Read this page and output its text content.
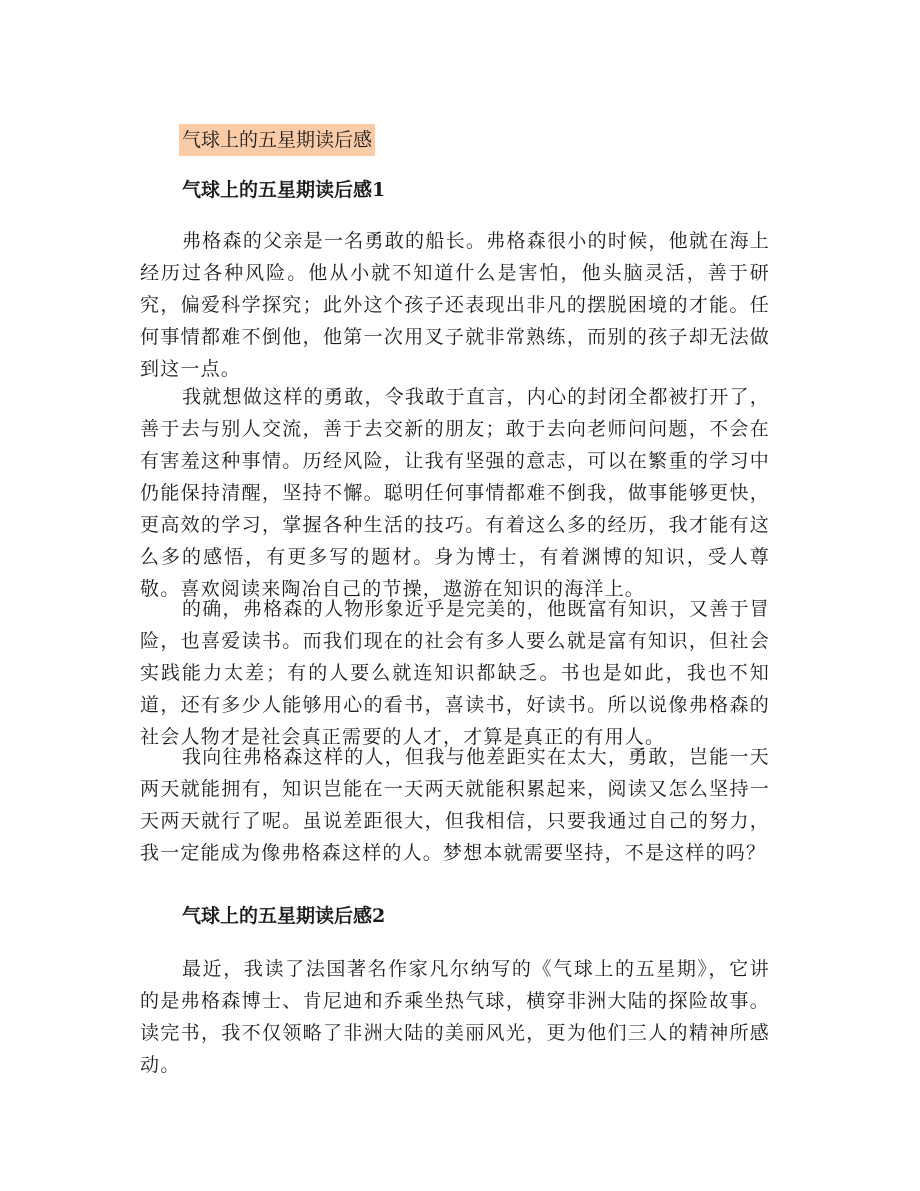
气球上的五星期读后感
气球上的五星期读后感1

弗格森的父亲是一名勇敢的船长。弗格森很小的时候，他就在海上经历过各种风险。他从小就不知道什么是害怕，他头脑灵活，善于研究，偏爱科学探究；此外这个孩子还表现出非凡的摆脱困境的才能。任何事情都难不倒他，他第一次用叉子就非常熟练，而别的孩子却无法做到这一点。

我就想做这样的勇敢，令我敢于直言，内心的封闭全都被打开了，善于去与别人交流，善于去交新的朋友；敢于去向老师问问题，不会在有害羞这种事情。历经风险，让我有坚强的意志，可以在繁重的学习中仍能保持清醒，坚持不懈。聪明任何事情都难不倒我，做事能够更快，更高效的学习，掌握各种生活的技巧。有着这么多的经历，我才能有这么多的感悟，有更多写的题材。身为博士，有着渊博的知识，受人尊敬。喜欢阅读来陶冶自己的节操，遨游在知识的海洋上。

的确，弗格森的人物形象近乎是完美的，他既富有知识，又善于冒险，也喜爱读书。而我们现在的社会有多人要么就是富有知识，但社会实践能力太差；有的人要么就连知识都缺乏。书也是如此，我也不知道，还有多少人能够用心的看书，喜读书，好读书。所以说像弗格森的社会人物才是社会真正需要的人才，才算是真正的有用人。

我向往弗格森这样的人，但我与他差距实在太大，勇敢，岂能一天两天就能拥有，知识岂能在一天两天就能积累起来，阅读又怎么坚持一天两天就行了呢。虽说差距很大，但我相信，只要我通过自己的努力，我一定能成为像弗格森这样的人。梦想本就需要坚持，不是这样的吗？

气球上的五星期读后感2

最近，我读了法国著名作家凡尔纳写的《气球上的五星期》，它讲的是弗格森博士、肯尼迪和乔乘坐热气球，横穿非洲大陆的探险故事。读完书，我不仅领略了非洲大陆的美丽风光，更为他们三人的精神所感动。
